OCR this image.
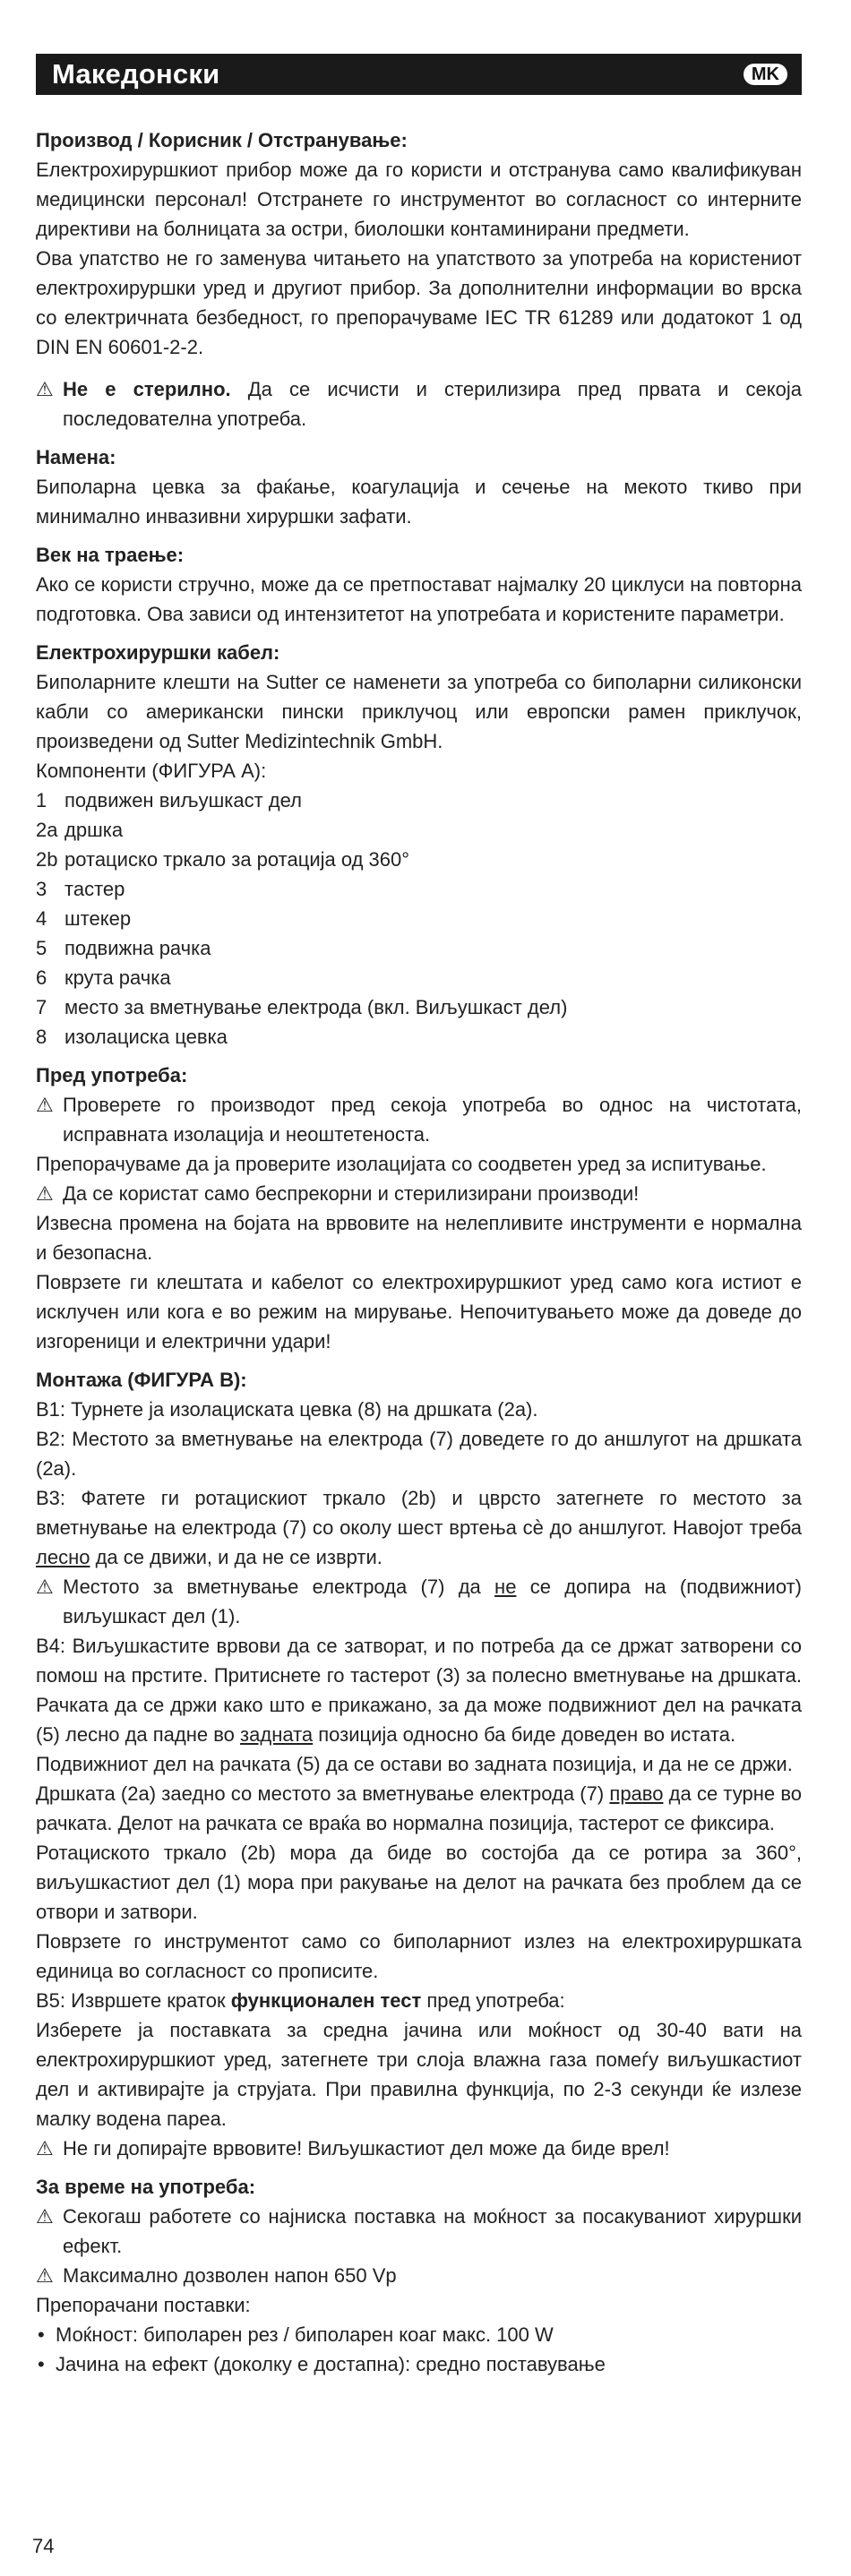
Македонски	MK
Производ / Корисник / Отстранување:

Електрохируршкиот прибор може да го користи и отстранува само квалификуван медицински персонал! Отстранете го инструментот во согласност со интерните директиви на болницата за остри, биолошки контаминирани предмети.

Ова упатство не го заменува читањето на упатството за употреба на користениот електрохируршки уред и другиот прибор. За дополнителни информации во врска со електричната безбедност, го препорачуваме IEC TR 61289 или додатокот 1 од DIN EN 60601-2-2.

⚠ Не е стерилно. Да се исчисти и стерилизира пред првата и секоја последователна употреба.
Намена:

Биполарна цевка за фаќање, коагулација и сечење на мекото ткиво при минимално инвазивни хируршки зафати.

Век на траење:

Ако се користи стручно, може да се претпостават најмалку 20 циклуси на повторна подготовка. Ова зависи од интензитетот на употребата и користените параметри.

Електрохируршки кабел:

Биполарните клешти на Sutter се наменети за употреба со биполарни силиконски кабли со американски пински приклучоц или европски рамен приклучок, произведени од Sutter Medizintechnik GmbH.

Компоненти (ФИГУРА A):

1 подвижен виљушкаст дел
2a дршка
2b ротациско тркало за ротација од 360°
3 тастер
4 штекер
5 подвижна рачка
6 крута рачка
7 место за вметнување електрода (вкл. Виљушкаст дел)
8 изолациска цевка
Пред употреба:
⚠ Проверете го производот пред секоја употреба во однос на чистотата, исправната изолација и неоштетеноста.

Препорачуваме да ја проверите изолацијата со соодветен уред за испитување.

⚠ Да се користат само беспрекорни и стерилизирани производи!

Извесна промена на бојата на врвовите на нелепливите инструменти е нормална и безопасна.

Поврзете ги клештата и кабелот со електрохируршкиот уред само кога истиот е исклучен или кога е во режим на мирување. Непочитувањето може да доведе до изгореници и електрични удари!

Монтажа (ФИГУРА B):

B1: Турнете ја изолациската цевка (8) на дршката (2a).

B2: Местото за вметнување на електрода (7) доведете го до аншлугот на дршката (2a).

B3: Фатете ги ротацискиот тркало (2b) и цврсто затегнете го местото за вметнување на електрода (7) со околу шест вртења сè до аншлугот. Навојот треба лесно да се движи, и да не се изврти.

⚠ Местото за вметнување електрода (7) да не се допира на (подвижниот) виљушкаст дел (1).

B4: Виљушкастите врвови да се затворат, и по потреба да се држат затворени со помош на прстите. Притиснете го тастерот (3) за полесно вметнување на дршката. Рачката да се држи како што е прикажано, за да може подвижниот дел на рачката (5) лесно да падне во задната позиција односно ба биде доведен во истата.

Подвижниот дел на рачката (5) да се остави во задната позиција, и да не се држи.

Дршката (2a) заедно со местото за вметнување електрода (7) право да се турне во рачката. Делот на рачката се враќа во нормална позиција, тастерот се фиксира.

Ротациското тркало (2b) мора да биде во состојба да се ротира за 360°, виљушкастиот дел (1) мора при ракување на делот на рачката без проблем да се отвори и затвори.

Поврзете го инструментот само со биполарниот излез на електрохируршката единица во согласност со прописите.

B5: Извршете краток функционален тест пред употреба:

Изберете ја поставката за средна јачина или моќност од 30-40 вати на електрохируршкиот уред, затегнете три слоја влажна газа помеѓу виљушкастиот дел и активирајте ја струјата. При правилна функција, по 2-3 секунди ќе излезе малку водена пареа.

⚠ Не ги допирајте врвовите! Виљушкастиот дел може да биде врел!
За време на употреба:
⚠ Секогаш работете со најниска поставка на моќност за посакуваниот хируршки ефект.
⚠ Максимално дозволен напон 650 Vp

Препорачани поставки:

• Моќност: биполарен рез / биполарен коаг макс. 100 W
• Јачина на ефект (доколку е достапна): средно поставување
74
